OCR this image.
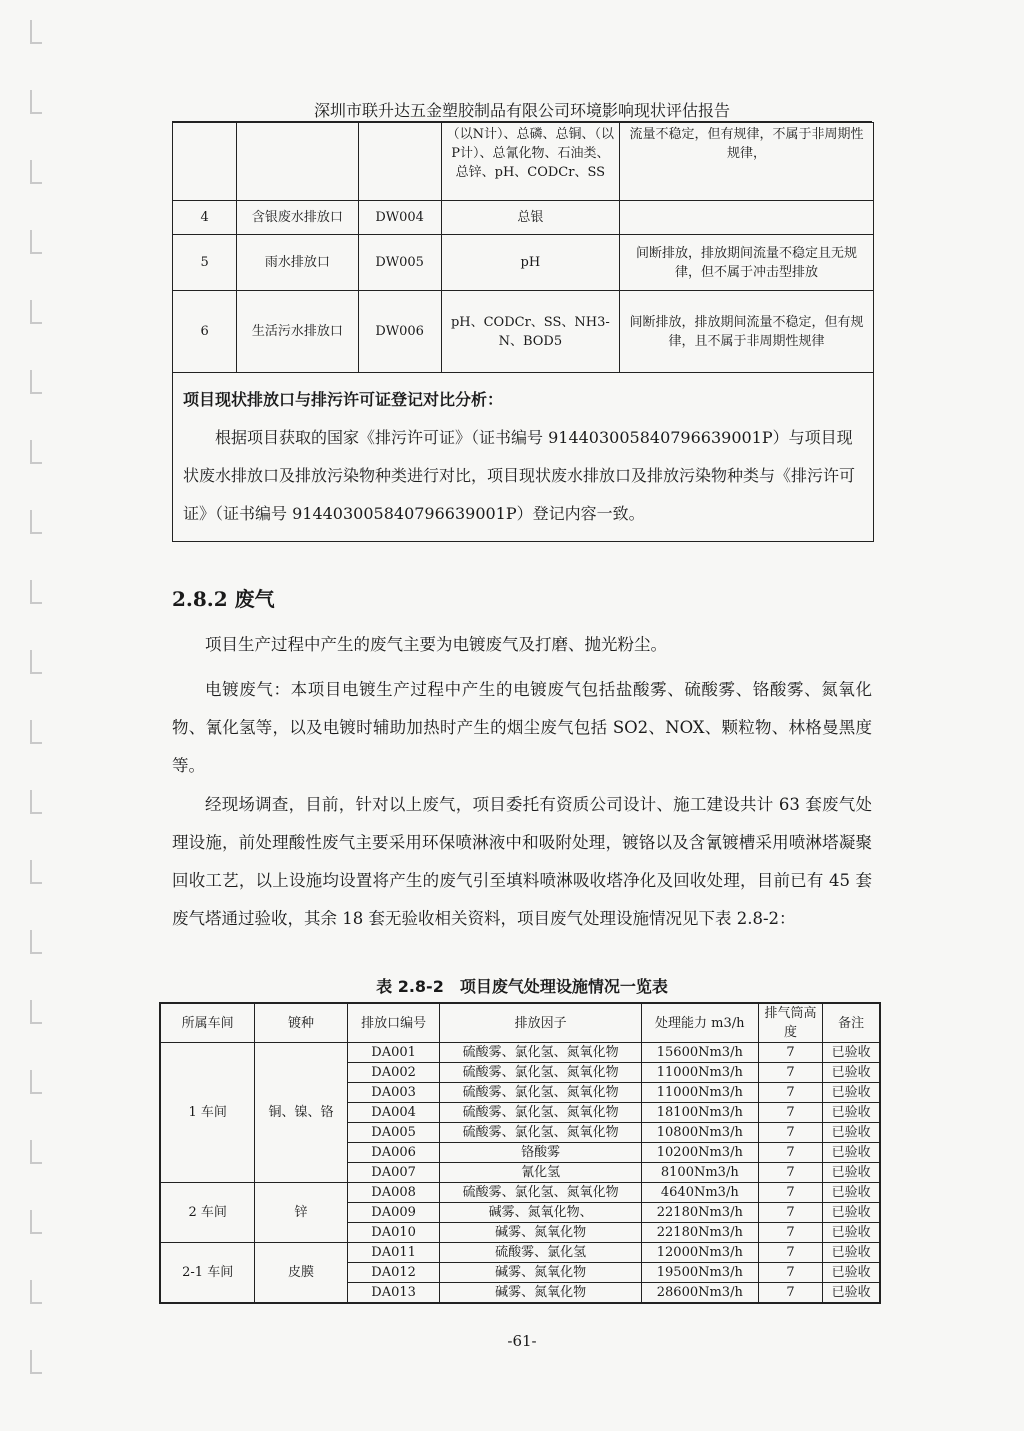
深圳市联升达五金塑胶制品有限公司环境影响现状评估报告
			（以N计）、总磷、总铜、（以P计）、总氰化物、石油类、总锌、pH、CODCr、SS	流量不稳定，但有规律，不属于非周期性规律，
4	含银废水排放口	DW004	总银	
5	雨水排放口	DW005	pH	间断排放，排放期间流量不稳定且无规律，但不属于冲击型排放
6	生活污水排放口	DW006	pH、CODCr、SS、NH3-N、BOD5	间断排放，排放期间流量不稳定，但有规律，且不属于非周期性规律

项目现状排放口与排污许可证登记对比分析：
根据项目获取的国家《排污许可证》（证书编号 91440300584079663900​1P）与项目现状废水排放口及排放污染物种类进行对比，项目现状废水排放口及排放污染物种类与《排污许可证》（证书编号 914403005840796639001P）登记内容一致。				
2.8.2 废气
项目生产过程中产生的废气主要为电镀废气及打磨、抛光粉尘。
电镀废气：本项目电镀生产过程中产生的电镀废气包括盐酸雾、硫酸雾、铬酸雾、氮氧化物、氰化氢等，以及电镀时辅助加热时产生的烟尘废气包括 SO2、NOX、颗粒物、林格曼黑度等。
经现场调查，目前，针对以上废气，项目委托有资质公司设计、施工建设共计 63 套废气处理设施，前处理酸性废气主要采用环保喷淋液中和吸附处理，镀铬以及含氰镀槽采用喷淋塔凝聚回收工艺，以上设施均设置将产生的废气引至填料喷淋吸收塔净化及回收处理，目前已有 45 套废气塔通过验收，其余 18 套无验收相关资料，项目废气处理设施情况见下表 2.8-2：
表 2.8-2　项目废气处理设施情况一览表
所属车间	镀种	排放口编号	排放因子	处理能力 m3/h	排气筒高度	备注
1 车间	铜、镍、铬	DA001	硫酸雾、氯化氢、氮氧化物	15600Nm3/h	7	已验收
		DA002	硫酸雾、氯化氢、氮氧化物	11000Nm3/h	7	已验收
		DA003	硫酸雾、氯化氢、氮氧化物	11000Nm3/h	7	已验收
		DA004	硫酸雾、氯化氢、氮氧化物	18100Nm3/h	7	已验收
		DA005	硫酸雾、氯化氢、氮氧化物	10800Nm3/h	7	已验收
		DA006	铬酸雾	10200Nm3/h	7	已验收
		DA007	氰化氢	8100Nm3/h	7	已验收
2 车间	锌	DA008	硫酸雾、氯化氢、氮氧化物	4640Nm3/h	7	已验收
		DA009	碱雾、氮氧化物、	22180Nm3/h	7	已验收
		DA010	碱雾、氮氧化物	22180Nm3/h	7	已验收
2-1 车间	皮膜	DA011	硫酸雾、氯化氢	12000Nm3/h	7	已验收
		DA012	碱雾、氮氧化物	19500Nm3/h	7	已验收
		DA013	碱雾、氮氧化物	28600Nm3/h	7	已验收
-61-
